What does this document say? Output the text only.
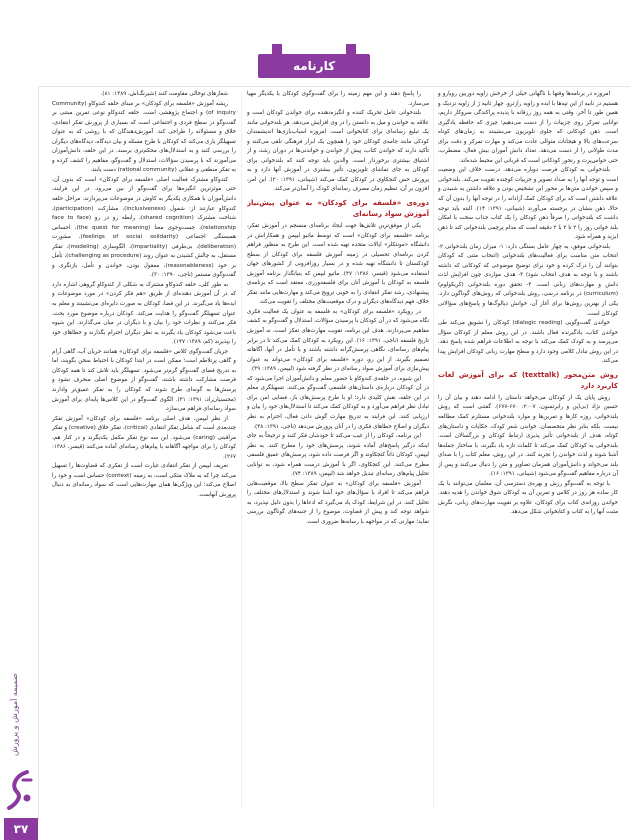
کارنامه
ضمیمه آموزش و پرورش
۳۷

امروزه در برنامه‌ها وقتها با ناگهانی خیلی از خرخش زاویه دوربین رویارو و هستیم در تابیه از این تپه‌ها با ایده و زاویه رازترو. چهار ثانیه ژ از زاویه نزدیک و همین طور تا آخر. وقتی به همه روز رزقانه با پدیده پراکندگی سروکار داریم، توانایی تمرکز روی جزییات را از دست می‌دهیم؛ چیزی که حافظه یادگیری است. ذهن کودکانی که جلوی تلویزیون می‌نشینند به زمان‌های کوتاه سرعت‌های بالا و هیجانات متوالی عادت می‌کند و مهارت تمرکز و دقت برای مدت طولانی را از دست می‌دهد. تعداد دانش آموزان بیش فعال، مضطرب، حتی حواس‌پرت و رنجور کودکانی است که قربانی این محیط شده‌اند.

بلندخوانی به کودکان فرصت دوباره می‌دهد. درست خلاف این وضعیت است و توجه آنها را به صداد تصویر و جزییات کوچنده تقویت می‌کند. بلندخوانی و سپس خواندن متن‌ها بر محور این تشخیص بودن و علاقه داشتن به شنیدن و علاقه داشتن است که برای کودکان کمک آزادانه را در توجه آنها را بدون آن که حالا، ذهن بنشان در برجسته می‌آورند (شیبانی، ۱۳۹۱: ۱۴). البته باید توجه داشت که بلندخوانی را صرفاً ذهن کودکان را یک کتاب جذاب سخت با امکان بلند خوانی روز را ۲ تا ۲ با ۲ دقیقه است که مدام پرچمی بلندخوانی کند تا ذهن ایزید و همراه شود.

بلندخوانی موفق، به چهار عامل بستگی دارد: ۱- میزان زمان بلندخوانی ۲- انتخاب متن مناسب برای فعالیت‌های بلندخوانی (انتخاب متنی که کودکان بتوانند آن را درک کرده و خود برای توضیح موضوعی که کودکانی که داشته باشند و با توجه به هدف انتخاب شود) ۳- هدف مواردی چون افزایش لذت دانش و مهارت‌های زبانی است. ۴- تحقق دوره بلندخوانی (کریکولوم) (curriculum) در برنامه درسی، روش بلندخوانی که روش‌های گوناگون دارد. یکی از بهترین روش‌ها برای آغاز آن، خوانش دیالوگ‌ها و پاسخ‌های سؤالاتی کودکان است.

خواندن گفت‌وگویی (dialogic reading) کودکان را تشویق می‌کند طی خواندن کتاب، یادگیرنده فعال باشند. در این روش معلم از کودکان سؤال می‌پرسد و به کودک کمک می‌کند با توجه به اطلاعات فراهم شده پاسخ دهد. در این روش تبادل کلامی وجود دارد و سطح مهارت زبانی کودکان افزایش پیدا می‌کند.

روش متن‌محور (texttalk) که برای آموزش لغات کاربرد دارد

روش پایان یک از کودکان می‌خواهد داستان را ادامه دهند و بیان آن را حسین نژاد (بی‌این و رابرتسون، ۲۰۰۷: ۶۷۰-۶۷۷). گفتنی است که روش بلندخوانی، روزه کارها و تمرین‌ها و موارد بلندخوانی مستلزم کمک مطالعه نیست. بلکه بنابر نظر متخصصان، خواندن شعر کودک، حکایات و داستان‌های کوتاه، هدف از بلندخوانی تأثیر پذیری ارتباط کودکان و بزرگسالان است. بلندخوانی به کودکان کمک می‌کند تا کلمات تازه یاد بگیرند، با ساختار جمله‌ها آشنا شوند و لذت خواندن را تجربه کنند. در این روش، معلم کتاب را با صدای بلند می‌خواند و دانش‌آموزان همزمان تصاویر و متن را دنبال می‌کنند و پس از آن درباره مفاهیم گفت‌وگو می‌شود (شیبانی، ۱۳۹۱: ۱۶).

با توجه به گفت‌وگو رزش و بهره‌ی دسترسی آن، معلمان می‌توانند با یک کار ساده هر روز در کلاس و تمرین آن به کودکان شوق خواندن را هدیه دهند. خواندن روزانه‌ی کتاب برای کودکان، علاوه بر تقویت مهارت‌های زبانی، نگرش مثبت آنها را به کتاب و کتابخوانی شکل می‌دهد.

را پاسخ دهند و این مهم زمینه را برای گفت‌وگوی کودکان با یکدیگر مهیا می‌سازد.

بلندخوانی عامل تحریک کننده و انگیزه‌دهنده برای خواندن کودکان است و علاقه به خواندن و میل به دانستن را در وی افزایش می‌دهد. هر بلندخوانی مانند یک تبلیغ رسانه‌ای برای کتابخوانی است. امروزه اسباب‌بازی‌ها اندیشمندان کودکی مانند جامه‌ی کودکان خود را همچون یک ابزار فرهنگی تلقی می‌کنند و تأکید دارند که خواندن کتاب، پیش از خواندن و خواندنی‌ها در دوران رشد، و از اشتیاق بیشتری برخوردار است. والدین باید توجه کنند که بلندخوانی برای کودکان به جای تماشای تلویزیون، تأثیر بیشتری در آموزش آنها دارد و به پرورش حس کنجکاوی در کودکان کمک می‌کند (شیبانی، ۱۳۹۱: ۲۰). این امر، افزون بر آن، تنظیم زمان مصرف رسانه‌ای کودک را آسان‌تر می‌کند.

دوره‌ی «فلسفه برای کودکان» به عنوان پیش‌نیاز آموزش سواد رسانه‌ای

یکی از موفق‌ترین تلاش‌ها جهت ایجاد برنامه‌ای منسجم در آموزش تفکر، برنامه «فلسفه برای کودکان» است که توسط ماتیو لیپمن و همکارانش در دانشگاه «مونتکلر» ایالات متحده تهیه شده است. این طرح به منظور فراهم کردن برنامه‌ای تحصیلی در زمینه آموزش فلسفه برای کودکان از سطح کودکستان تا دانشگاه تهیه شده و در بسیار روزافزونی از کشورهای جهان استفاده می‌شود (قیسر، ۱۳۸۶: ۴۷). ماتیو لیپمن که بنیانگذار برنامه آموزش فلسفه به کودکان با آموزش آنان برای فلسفه‌ورزی، معتقد است که برنامه‌ی پیشنهادی، رشد تفکر انتقادی را به خوبی ترویج می‌کند و مهارت‌هایی مانند تفکر خلاق، فهم دیدگاه‌های دیگران و درک موقعیت‌های مختلف را تقویت می‌کند.

در رویکرد «فلسفه برای کودکان» به فلسفه به عنوان یک فعالیت فکری نگاه می‌شود که در آن کودکان با پرسیدن سؤالات، استدلال و گفت‌وگو به کشف مفاهیم می‌پردازند. هدف این برنامه، تقویت مهارت‌های تفکر است، نه آموزش تاریخ فلسفه (ناجی، ۱۳۹۱: ۱۶). این رویکرد به کودکان کمک می‌کند تا در برابر پیام‌های رسانه‌ای، نگاهی پرسش‌گرانه داشته باشند و با تأمل در آنها، آگاهانه تصمیم بگیرند. از این رو، دوره «فلسفه برای کودکان» می‌تواند به عنوان پیش‌نیازی برای آموزش سواد رسانه‌ای در نظر گرفته شود (لیپمن، ۱۳۸۹: ۳۹).

این شیوه، در حلقه‌ی کندوکاو با حضور معلم و دانش‌آموزان اجرا می‌شود که در آن کودکان درباره‌ی داستان‌های فلسفی گفت‌وگو می‌کنند. تسهیلگری معلم در این حلقه، نقش کلیدی دارد؛ او با طرح پرسش‌های باز، فضایی امن برای تبادل نظر فراهم می‌آورد و به کودکان کمک می‌کند تا استدلال‌های خود را بیان و ارزیابی کنند. این فرایند به تدریج مهارت گوش دادن فعال، احترام به نظر دیگران و اصلاح خطاهای فکری را در آنان پرورش می‌دهد (ناجی، ۱۳۹۱: ۴۸).

این برنامه، کودکان را از غیب می‌کند تا خودشان فکر کنند و ترجیحاً به جای اینکه درگیر پاسخ‌های آماده شوند، پرسش‌های خود را مطرح کنند. به نظر لیپمن، کودکان ذاتاً کنجکاوند و اگر فرصت داده شود، پرسش‌های عمیق فلسفی مطرح می‌کنند. این کنجکاوی، اگر با آموزش درست همراه شود، به توانایی تحلیل پیام‌های رسانه‌ای تبدیل خواهد شد (لیپمن، ۱۳۸۹: ۷۴).

آموزش «فلسفه برای کودکان» به عنوان تفکر سطح بالا، موقعیت‌هایی فراهم می‌کند تا افراد با سؤال‌های خود آشنا شوند و استدلال‌های مختلف را تحلیل کنند. در این شرایط، کودک یاد می‌گیرد که ادعاها را بدون دلیل نپذیرد، به شواهد توجه کند و پیش از قضاوت، موضوع را از جنبه‌های گوناگون بررسی نماید؛ مهارتی که در مواجهه با رسانه‌ها ضروری است.

شعارهای توخالی مقاومت کنند (شیرنگ‌اش، ۱۳۸۹: ۸۱).

ریشه آموزش «فلسفه برای کودکان» بر مبنای حلقه کندوکاو (Community of inquiry) و اجتماع پژوهشی است. حلقه کندوکاو نوعی تمرین مبتنی بر گفت‌وگو در سطح فردی و اجتماعی است که بسیاری از پرورش تفکر انتقادی، خلاق و مسئولانه را طراحی کند. آموزش‌دهندگان که با روشی که به عنوان تسهیلگر یاری می‌کند که کودکان با طرح مسئله و بیان دیدگاه، دیدگاه‌های دیگران را بررسی کنند و به استدلال‌های محکم‌تری برسند. در این حلقه، دانش‌آموزان می‌آموزند که با پرسیدن سؤالات، استدلال و گفت‌وگو، مفاهیم را کشف کرده و به تفکر منطقی و عقلانی (rational community) دست یابند.

کندوکاو مشترک فعالیت اصلی «فلسفه برای کودکان» است که بدون آن، حتی موثرترین انگیزه‌ها برای گفت‌وگو از بین می‌رود. در این فرایند، دانش‌آموزان با همکاری یکدیگر به کاوش در موضوعات می‌پردازند. مراحل حلقه کندوکاو عبارتند از: شمول (inclusiveness)، مشارکت (participation)، شناخت مشترک (shared cognition)، رابطه رو در رو (face to face relationship)، جست‌وجوی معنا (the quest for meaning)، احساس همبستگی اجتماعی (feelings of social solidarity)، مشورت (deliberation)، بی‌طرفی (impartiality)، الگوسازی (modeling)، تفکر مستقل، به چالش کشیدن به عنوان روند (challenging as procedure)، تأمل بر خود (reasonableness)، معقول بودن، خواندن و تأمل، بازنگری و گفت‌وگوی مستمر (ناجی، ۱۳۹۰: ۳۰).

به طور کلی، حلقه کندوکاو مشترک به شکلی از کندوکاو گروهی اشاره دارد که در آن آموزش دهنده‌ای از طریق «هم فکر کردن» در مورد موضوعات و ایده‌ها یاد می‌گیرند. در این فضا، کودکان به صورت دایره‌ای می‌نشینند و معلم به عنوان تسهیلگر گفت‌وگو را هدایت می‌کند. کودکان درباره موضوع مورد بحث، فکر می‌کنند و نظرات خود را بیان و با دیگران در میان می‌گذارند. این شیوه باعث می‌شود کودکان یاد بگیرند به نظر دیگران احترام بگذارند و خطاهای خود را بپذیرند (کم، ۱۳۸۹: ۱۴۷).

جریان گفت‌وگوی کلاس «فلسفه برای کودکان» همانند جریان آب، گاهی آرام و گاهی پرتلاطم است؛ ممکن است در ابتدا کودکان با احتیاط سخن بگویند، اما به تدریج فضای گفت‌وگو گرم‌تر می‌شود. تسهیلگر باید تلاش کند تا همه کودکان فرصت مشارکت داشته باشند، گفت‌وگو از موضوع اصلی منحرف نشود و پرسش‌ها به گونه‌ای طرح شوند که کودکان را به تفکر عمیق‌تر وادارند (محسنیان‌راد، ۱۳۹۱: ۴۱). الگوی گفت‌وگو در این کلاس‌ها پایه‌ای برای آموزش سواد رسانه‌ای فراهم می‌سازد.

از نظر لیپمن، هدف اصلی برنامه «فلسفه برای کودکان» آموزش تفکر چندبعدی است که شامل تفکر انتقادی (critical)، تفکر خلاق (creative) و تفکر مراقبتی (caring) می‌شود. این سه نوع تفکر مکمل یکدیگرند و در کنار هم، کودکان را برای مواجهه آگاهانه با پیام‌های رسانه‌ای آماده می‌کنند (قیسر، ۱۳۸۶: ۲۶۷).

تعریف لیپمن از تفکر انتقادی عبارت است از تفکری که قضاوت‌ها را تسهیل می‌کند چرا که به ملاک متکی است، به زمینه (context) حساس است و خود را اصلاح می‌کند؛ این ویژگی‌ها همان مهارت‌هایی است که سواد رسانه‌ای به دنبال پرورش آنهاست.
